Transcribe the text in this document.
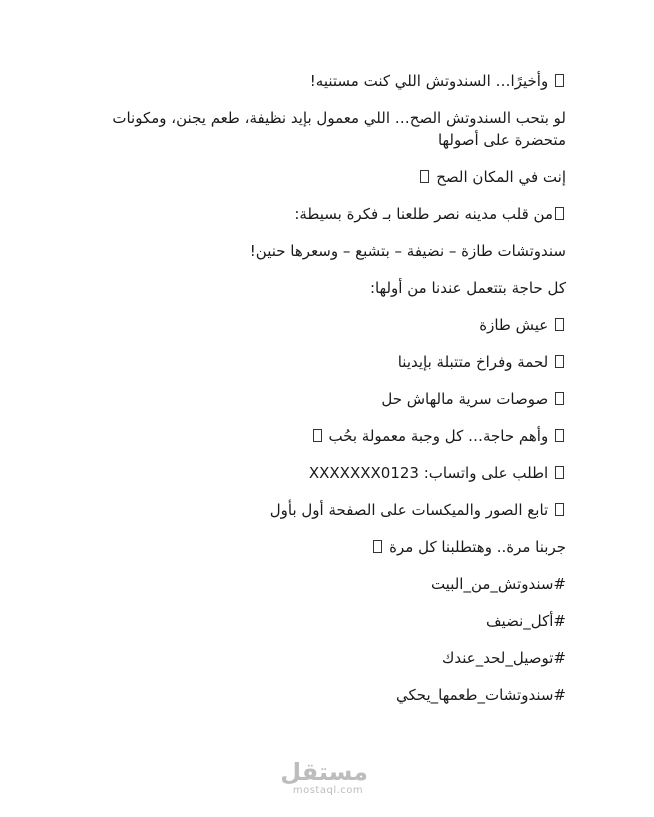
وأخيرًا… السندوتش اللي كنت مستنيه!

لو بتحب السندوتش الصح… اللي معمول بإيد نظيفة، طعم يجنن، ومكونات متحضرة على أصولها

إنت في المكان الصح

من قلب مدينه نصر طلعنا بـ فكرة بسيطة:

سندوتشات طازة – نضيفة – بتشبع – وسعرها حنين!

كل حاجة بتتعمل عندنا من أولها:

عيش طازة

لحمة وفراخ متتبلة بإيدينا

صوصات سرية مالهاش حل

وأهم حاجة… كل وجبة معمولة بحُب

اطلب على واتساب: XXXXXXX0123

تابع الصور والميكسات على الصفحة أول بأول

جربنا مرة.. وهتطلبنا كل مرة

#سندوتش_من_البيت

#أكل_نضيف

#توصيل_لحد_عندك

#سندوتشات_طعمها_يحكي

مستقل
mostaql.com
